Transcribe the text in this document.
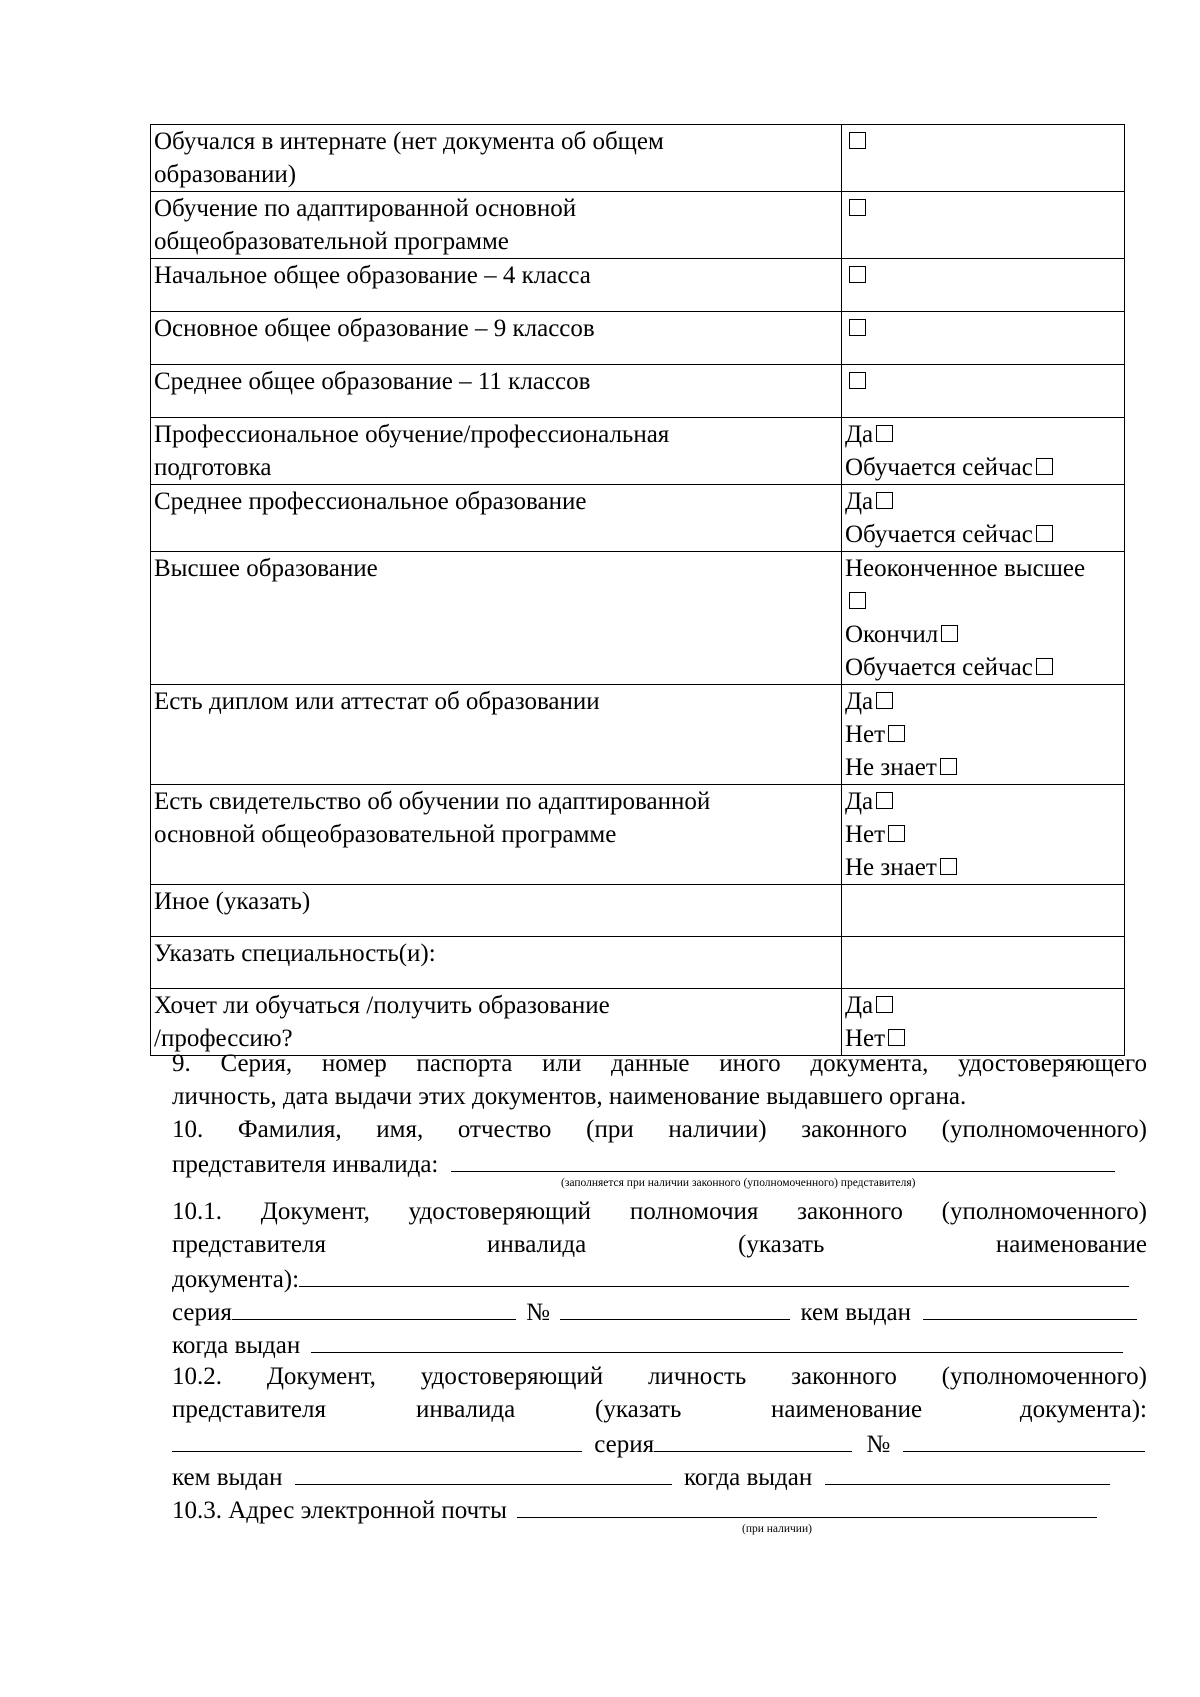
Обучался в интернате (нет документа об общем
образовании)	

Обучение по адаптированной основной
общеобразовательной программе	

Начальное общее образование – 4 класса	

Основное общее образование – 9 классов	

Среднее общее образование – 11 классов	

Профессиональное обучение/профессиональная
подготовка	Да
Обучается сейчас

Среднее профессиональное образование	Да
Обучается сейчас

Высшее образование	Неоконченное высшее
Окончил
Обучается сейчас

Есть диплом или аттестат об образовании	Да
Нет
Не знает

Есть свидетельство об обучении по адаптированной
основной общеобразовательной программе	Да
Нет
Не знает

Иное (указать)	

Указать специальность(и):	

Хочет ли обучаться /получить образование
/профессию?	Да
Нет
9. Серия, номер паспорта или данные иного документа, удостоверяющего
личность, дата выдачи этих документов, наименование выдавшего органа.
10. Фамилия, имя, отчество (при наличии) законного (уполномоченного)
представителя инвалида:
(заполняется при наличии законного (уполномоченного) представителя)
10.1. Документ, удостоверяющий полномочия законного (уполномоченного)
представителя	инвалида	(указать	наименование
документа):
серия	№	кем выдан
когда выдан
10.2. Документ, удостоверяющий личность законного (уполномоченного)
представителя	инвалида	(указать	наименование	документа):
серия	№
кем выдан	когда выдан
10.3. Адрес электронной почты
(при наличии)
